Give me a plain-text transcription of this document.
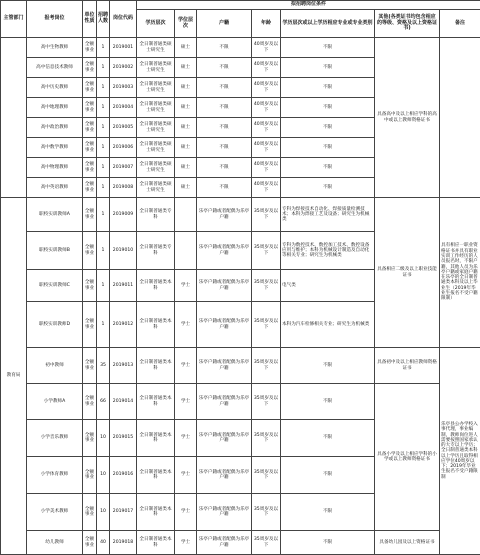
主管部门	报考岗位	单位性质	招聘人数	岗位代码	拟招聘岗位条件						
					学历层次	学位层次	户籍	年龄	学历层次或以上学历相应专业或专业类别	其他(各类证书均包含相应的等级、资格及以上资格证书)	备注
	高中生物教师	全额事业	1	2019001	全日制普通类硕士研究生	硕士	不限	40周岁及以下	不限	具备高中及以上相应学科的高中或以上教师资格证书	
	高中信息技术教师	全额事业	1	2019002	全日制普通类硕士研究生	硕士	不限	40周岁及以下	不限		
	高中历史教师	全额事业	1	2019003	全日制普通类硕士研究生	硕士	不限	40周岁及以下	不限		
	高中地理教师	全额事业	1	2019004	全日制普通类硕士研究生	硕士	不限	40周岁及以下	不限		
	高中政治教师	全额事业	1	2019005	全日制普通类硕士研究生	硕士	不限	40周岁及以下	不限		
	高中数学教师	全额事业	1	2019006	全日制普通类硕士研究生	硕士	不限	40周岁及以下	不限		
	高中物理教师	全额事业	1	2019007	全日制普通类硕士研究生	硕士	不限	40周岁及以下	不限		
	高中英语教师	全额事业	1	2019008	全日制普通类硕士研究生	硕士	不限	40周岁及以下	不限		
教育局	职校实训教师A	全额事业	1	2019009	全日制普通类专科		乐亭户籍或者配偶为乐亭户籍	35周岁及以下	专科为焊接技术自动化、焊接质量检测技术；本科为焊接工艺及设备；研究生为机械类	具备相应二级及以上职业技能证书	具有相应一职业资格证书并具有职业实训工作经历的人员报名时，不限户籍，其他人员为乐亭户籍或家庭户籍在乐亭的全日制普通类本科及以上毕业生（2019年毕业生报名不受户籍限制）
	职校实训教师B	全额事业	1	2019010	全日制普通类专科		乐亭户籍或者配偶为乐亭户籍	35周岁及以下	专科为数控技术、数控加工技术、数控设备应用与维护；本科为机械设计制造及自动化等相关专业；研究生为机械类		
	职校实训教师C	全额事业	1	2019011	全日制普通类本科	学士	乐亭户籍或者配偶为乐亭户籍	35周岁及以下	电气类		
	职校实训教师D	全额事业	1	2019012	全日制普通类本科	学士	乐亭户籍或者配偶为乐亭户籍	35周岁及以下	本科为汽车检修相关专业；研究生为机械类		
	初中教师	全额事业	35	2019013	全日制普通类本科	学士	乐亭户籍或者配偶为乐亭户籍	35周岁及以下	不限	具备初中及以上相应教师资格证书	乐亭县公办学校入事代理，事业编制，教师岗位进人需要按照国家承认的大专以上学历；全日制普通类本科以上学历且取得相应学位40周岁以下；2019年毕业生报名不受户籍限制
	小学教师A	全额事业	66	2019014	全日制普通类本科	学士	乐亭户籍或者配偶为乐亭户籍	35周岁及以下	不限	具备小学及以上相应学科的小学或以上教师资格证书	
	小学音乐教师	全额事业	10	2019015	全日制普通类本科	学士	乐亭户籍或者配偶为乐亭户籍	35周岁及以下	不限		
	小学体育教师	全额事业	10	2019016	全日制普通类本科	学士	乐亭户籍或者配偶为乐亭户籍	35周岁及以下	不限		
	小学美术教师	全额事业	10	2019017	全日制普通类本科	学士	乐亭户籍或者配偶为乐亭户籍	35周岁及以下	不限		
	幼儿教师	全额事业	40	2019018	全日制普通类本科	学士	乐亭户籍或者配偶为乐亭户籍	35周岁及以下	不限	具备幼儿园及以上资格证书	
